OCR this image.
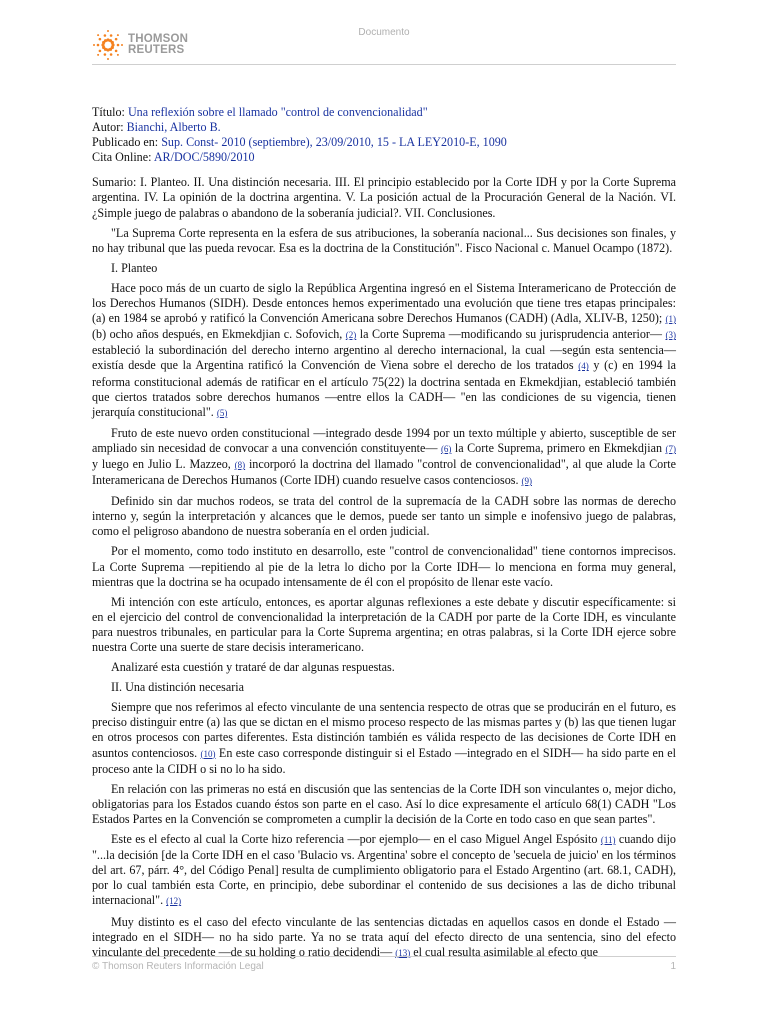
THOMSON
REUTERS
Documento

Título: Una reflexión sobre el llamado "control de convencionalidad"

Autor: Bianchi, Alberto B.

Publicado en: Sup. Const- 2010 (septiembre), 23/09/2010, 15 - LA LEY2010-E, 1090

Cita Online: AR/DOC/5890/2010

Sumario: I. Planteo. II. Una distinción necesaria. III. El principio establecido por la Corte IDH y por la Corte Suprema argentina. IV. La opinión de la doctrina argentina. V. La posición actual de la Procuración General de la Nación. VI. ¿Simple juego de palabras o abandono de la soberanía judicial?. VII. Conclusiones.

"La Suprema Corte representa en la esfera de sus atribuciones, la soberanía nacional... Sus decisiones son finales, y no hay tribunal que las pueda revocar. Esa es la doctrina de la Constitución". Fisco Nacional c. Manuel Ocampo (1872).

I. Planteo

Hace poco más de un cuarto de siglo la República Argentina ingresó en el Sistema Interamericano de Protección de los Derechos Humanos (SIDH). Desde entonces hemos experimentado una evolución que tiene tres etapas principales: (a) en 1984 se aprobó y ratificó la Convención Americana sobre Derechos Humanos (CADH) (Adla, XLIV-B, 1250); (1) (b) ocho años después, en Ekmekdjian c. Sofovich, (2) la Corte Suprema —modificando su jurisprudencia anterior— (3) estableció la subordinación del derecho interno argentino al derecho internacional, la cual —según esta sentencia— existía desde que la Argentina ratificó la Convención de Viena sobre el derecho de los tratados (4) y (c) en 1994 la reforma constitucional además de ratificar en el artículo 75(22) la doctrina sentada en Ekmekdjian, estableció también que ciertos tratados sobre derechos humanos —entre ellos la CADH— "en las condiciones de su vigencia, tienen jerarquía constitucional". (5)

Fruto de este nuevo orden constitucional —integrado desde 1994 por un texto múltiple y abierto, susceptible de ser ampliado sin necesidad de convocar a una convención constituyente— (6) la Corte Suprema, primero en Ekmekdjian (7) y luego en Julio L. Mazzeo, (8) incorporó la doctrina del llamado "control de convencionalidad", al que alude la Corte Interamericana de Derechos Humanos (Corte IDH) cuando resuelve casos contenciosos. (9)

Definido sin dar muchos rodeos, se trata del control de la supremacía de la CADH sobre las normas de derecho interno y, según la interpretación y alcances que le demos, puede ser tanto un simple e inofensivo juego de palabras, como el peligroso abandono de nuestra soberanía en el orden judicial.

Por el momento, como todo instituto en desarrollo, este "control de convencionalidad" tiene contornos imprecisos. La Corte Suprema —repitiendo al pie de la letra lo dicho por la Corte IDH— lo menciona en forma muy general, mientras que la doctrina se ha ocupado intensamente de él con el propósito de llenar este vacío.

Mi intención con este artículo, entonces, es aportar algunas reflexiones a este debate y discutir específicamente: si en el ejercicio del control de convencionalidad la interpretación de la CADH por parte de la Corte IDH, es vinculante para nuestros tribunales, en particular para la Corte Suprema argentina; en otras palabras, si la Corte IDH ejerce sobre nuestra Corte una suerte de stare decisis interamericano.

Analizaré esta cuestión y trataré de dar algunas respuestas.

II. Una distinción necesaria

Siempre que nos referimos al efecto vinculante de una sentencia respecto de otras que se producirán en el futuro, es preciso distinguir entre (a) las que se dictan en el mismo proceso respecto de las mismas partes y (b) las que tienen lugar en otros procesos con partes diferentes. Esta distinción también es válida respecto de las decisiones de Corte IDH en asuntos contenciosos. (10) En este caso corresponde distinguir si el Estado —integrado en el SIDH— ha sido parte en el proceso ante la CIDH o si no lo ha sido.

En relación con las primeras no está en discusión que las sentencias de la Corte IDH son vinculantes o, mejor dicho, obligatorias para los Estados cuando éstos son parte en el caso. Así lo dice expresamente el artículo 68(1) CADH "Los Estados Partes en la Convención se comprometen a cumplir la decisión de la Corte en todo caso en que sean partes".

Este es el efecto al cual la Corte hizo referencia —por ejemplo— en el caso Miguel Angel Espósito (11) cuando dijo "...la decisión [de la Corte IDH en el caso 'Bulacio vs. Argentina' sobre el concepto de 'secuela de juicio' en los términos del art. 67, párr. 4°, del Código Penal] resulta de cumplimiento obligatorio para el Estado Argentino (art. 68.1, CADH), por lo cual también esta Corte, en principio, debe subordinar el contenido de sus decisiones a las de dicho tribunal internacional". (12)

Muy distinto es el caso del efecto vinculante de las sentencias dictadas en aquellos casos en donde el Estado —integrado en el SIDH— no ha sido parte. Ya no se trata aquí del efecto directo de una sentencia, sino del efecto vinculante del precedente —de su holding o ratio decidendi— (13) el cual resulta asimilable al efecto que

© Thomson Reuters Información Legal	1
